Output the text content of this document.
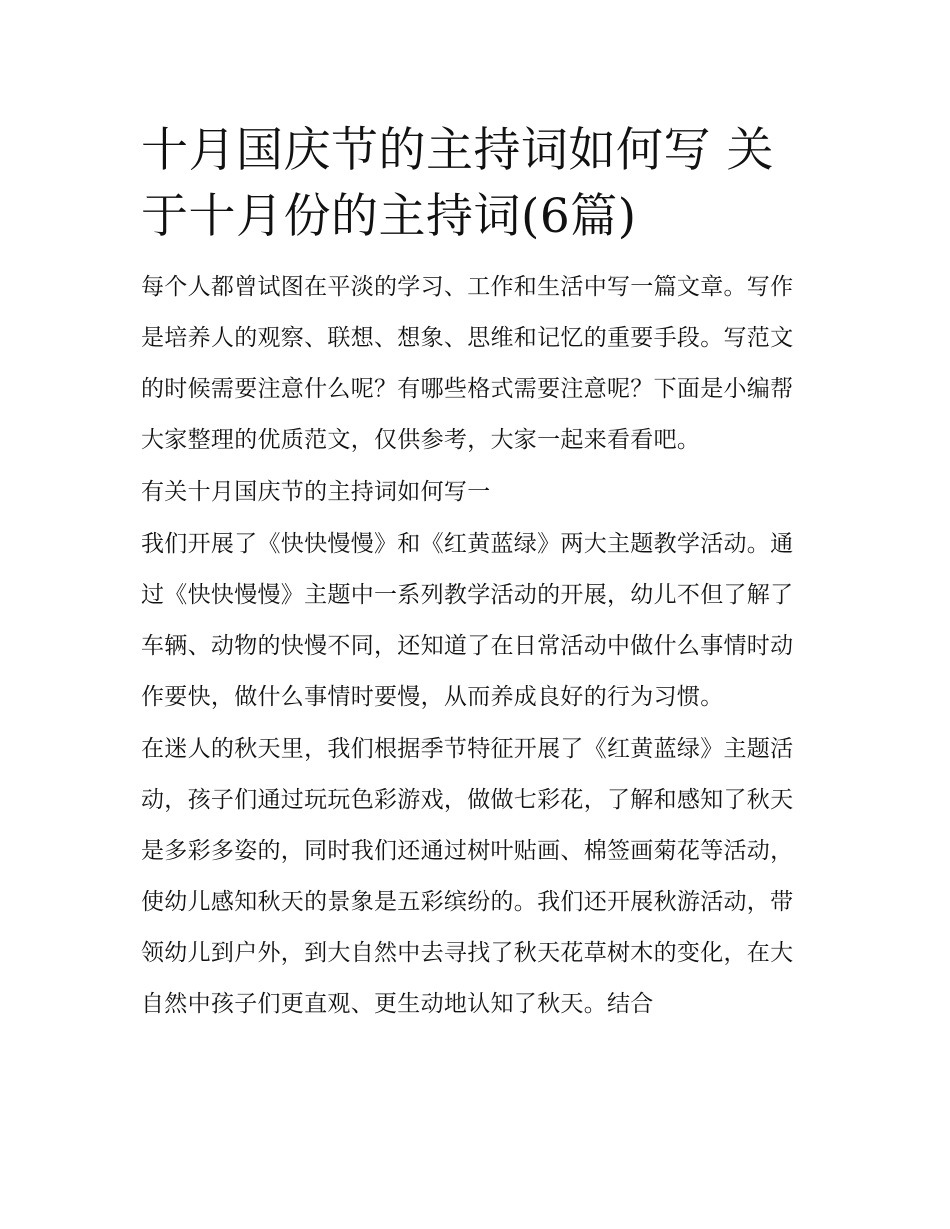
十月国庆节的主持词如何写 关于十月份的主持词(6篇)

每个人都曾试图在平淡的学习、工作和生活中写一篇文章。写作是培养人的观察、联想、想象、思维和记忆的重要手段。写范文的时候需要注意什么呢？有哪些格式需要注意呢？下面是小编帮大家整理的优质范文，仅供参考，大家一起来看看吧。

有关十月国庆节的主持词如何写一

我们开展了《快快慢慢》和《红黄蓝绿》两大主题教学活动。通过《快快慢慢》主题中一系列教学活动的开展，幼儿不但了解了车辆、动物的快慢不同，还知道了在日常活动中做什么事情时动作要快，做什么事情时要慢，从而养成良好的行为习惯。

在迷人的秋天里，我们根据季节特征开展了《红黄蓝绿》主题活动，孩子们通过玩玩色彩游戏，做做七彩花，了解和感知了秋天是多彩多姿的，同时我们还通过树叶贴画、棉签画菊花等活动，使幼儿感知秋天的景象是五彩缤纷的。我们还开展秋游活动，带领幼儿到户外，到大自然中去寻找了秋天花草树木的变化，在大自然中孩子们更直观、更生动地认知了秋天。结合
